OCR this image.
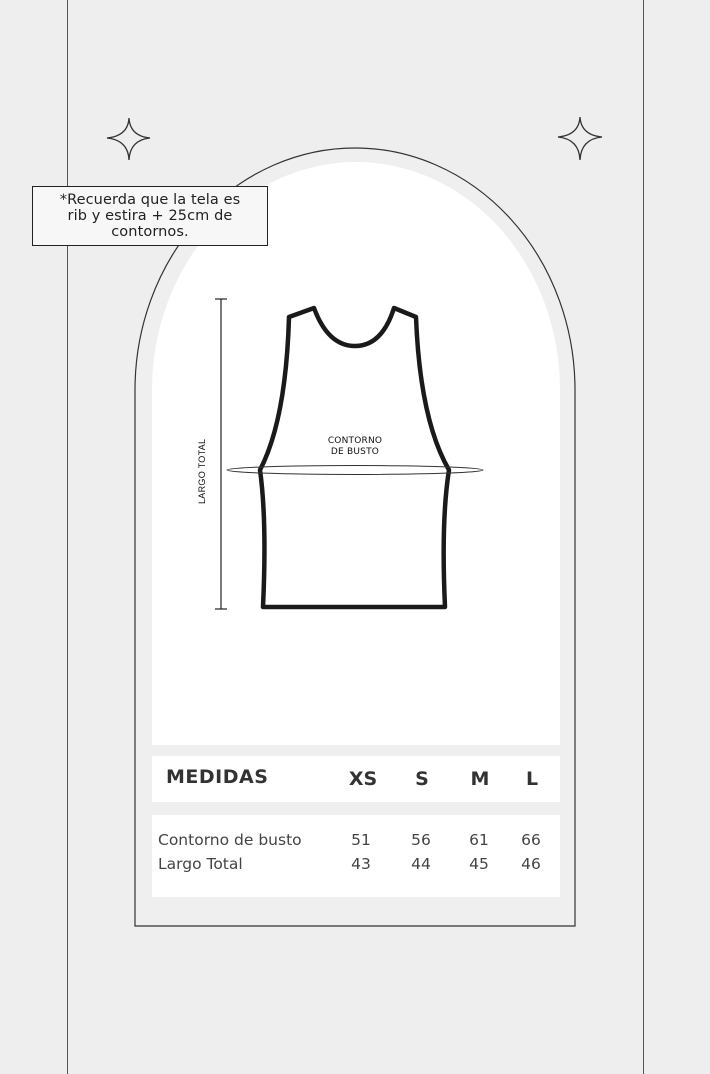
LARGO TOTAL	CONTORNO
DE BUSTO
*Recuerda que la tela es
rib y estira + 25cm de
contornos.
MEDIDAS	XS	S	M	L
Contorno de busto	51	56	61	66
Largo Total	43	44	45	46
